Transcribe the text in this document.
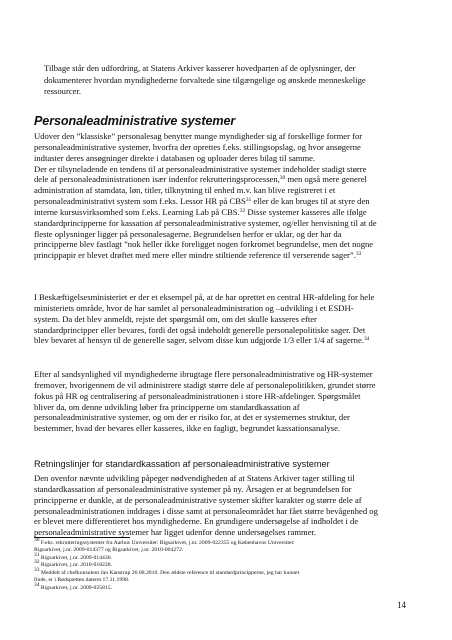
Tilbage står den udfordring, at Statens Arkiver kasserer hovedparten af de oplysninger, der
dokumenterer hvordan myndighederne forvaltede sine tilgængelige og ønskede menneskelige
ressourcer.
Personaleadministrative systemer
Udover den ”klassiske” personalesag benytter mange myndigheder sig af forskellige former for
personaleadministrative systemer, hvorfra der oprettes f.eks. stillingsopslag, og hvor ansøgerne
indtaster deres ansøgninger direkte i databasen og uploader deres bilag til samme.
Der er tilsyneladende en tendens til at personaleadministrative systemer indeholder stadigt større
dele af personaleadministrationen især indenfor rekrutteringsprocessen,$^{30}$ men også mere generel
administration af stamdata, løn, titler, tilknytning til enhed m.v. kan blive registreret i et
personaleadministrativt system som f.eks. Lessor HR på CBS$^{31}$ eller de kan bruges til at styre den
interne kursusvirksomhed som f.eks. Learning Lab på CBS.$^{32}$ Disse systemer kasseres alle ifølge
standardprincipperne for kassation af personaleadministrative systemer, og/eller henvisning til at de
fleste oplysninger ligger på personalesagerne. Begrundelsen herfor er uklar, og der har da
principperne blev fastlagt ”nok heller ikke foreligget nogen forkromet begrundelse, men det nogne
princippapir er blevet drøftet med mere eller mindre stiltiende reference til verserende sager”.$^{33}$
I Beskæftigelsesministeriet er der et eksempel på, at de har oprettet en central HR-afdeling for hele
ministeriets område, hvor de har samlet al personaleadministration og –udvikling i et ESDH-
system. Da det blev anmeldt, rejste det spørgsmål om, om det skulle kasseres efter
standardprincipper eller bevares, fordi det også indeholdt generelle personalepolitiske sager. Det
blev bevaret af hensyn til de generelle sager, selvom disse kun udgjorde 1/3 eller 1/4 af sagerne.$^{34}$
Efter al sandsynlighed vil myndighederne ibrugtage flere personaleadministrative og HR-systemer
fremover, hvorigennem de vil administrere stadigt større dele af personalepolitikken, grundet større
fokus på HR og centralisering af personaleadministrationen i store HR-afdelinger. Spørgsmålet
bliver da, om denne udvikling løber fra principperne om standardkassation af
personaleadministrative systemer, og om der er risiko for, at det er systemernes struktur, der
bestemmer, hvad der bevares eller kasseres, ikke en fagligt, begrundet kassationsanalyse.
Retningslinjer for standardkassation af personaleadministrative systemer
Den ovenfor nævnte udvikling påpeger nødvendigheden af at Statens Arkiver tager stilling til
standardkassation af personaleadministrative systemer på ny. Årsagen er at begrundelsen for
principperne er dunkle, at de personaleadministrative systemer skifter karakter og større dele af
personaleadministrationen inddrages i disse samt at personaleområdet har fået større bevågenhed og
er blevet mere differentieret hos myndighederne. En grundigere undersøgelse af indholdet i de
personaleadministrative systemer har ligget udenfor denne undersøgelses rammer.
$^{30}$ F.eks. rekrutteringssystemer fra Aarhus Universitet: Rigsarkivet, j.nr. 2009-022355 og Københavns Universitet:
Rigsarkivet, j.nr. 2009-014377 og Rigsarkivet, j.nr. 2010-004272.
$^{31}$ Rigsarkivet, j.nr. 2009-014430.
$^{32}$ Rigsarkivet, j.nr. 2010-018228.
$^{33}$ Meddelt af chefkonsulent Jan Kanstrup 26.08.2010. Den ældste reference til standardprincipperne, jeg har kunnet
finde, er i Rødspætten dateret 17.11.1998.
$^{34}$ Rigsarkivet, j.nr. 2009-025815.
14
